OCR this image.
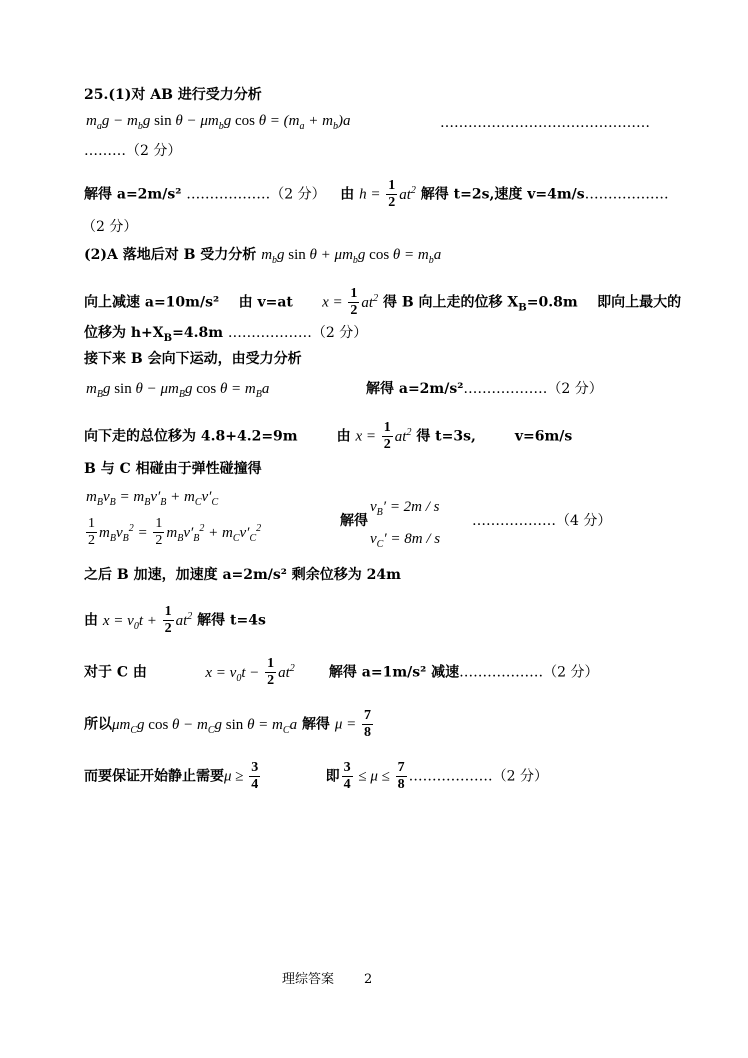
25.(1)对 AB 进行受力分析
$m_ag - m_bg$ $\sin \theta - \mu m_bg$ $\cos \theta = (m_a + m_b)a$	………………………………………
………（2 分）
解得 a=2m/s² ………………（2 分） 由 $h = \frac{1}{2} at^2$ 解得 t=2s,速度 v=4m/s………………
（2 分）
(2)A 落地后对 B 受力分析 $m_bg$ $\sin \theta + \mu m_bg$ $\cos \theta = m_ba$
向上减速 a=10m/s² 由 v=at $x = \frac{1}{2} at^2$ 得 B 向上走的位移 $X_B=0.8m$ 即向上最大的
位移为 $h+X_B=4.8m$ ………………（2 分）
接下来 B 会向下运动，由受力分析
$m_Bg$ $\sin \theta - \mu m_Bg$ $\cos \theta = m_Ba$	解得 a=2m/s²………………（2 分）
向下走的总位移为 4.8+4.2=9m	由 $x = \frac{1}{2} at^2$ 得 t=3s,	v=6m/s
B 与 C 相碰由于弹性碰撞得
$m_Bv_B = m_Bv'_B + m_Cv'_C$
$\frac{1}{2} m_Bv_B^2 = \frac{1}{2} m_Bv'_B^2 + m_Cv'_C^2$	解得
$v_B' = 2m / s$
$v_C' = 8m / s$
………………（4 分）
之后 B 加速，加速度 a=2m/s² 剩余位移为 24m
由 $x = v_0t + \frac{1}{2} at^2$ 解得 t=4s
对于 C 由	$x = v_0t - \frac{1}{2} at^2$ 解得 a=1m/s² 减速………………（2 分）
所以$\mu m_Cg$ $\cos \theta - m_Cg$ $\sin \theta = m_Ca$ 解得 $\mu = \frac{7}{8}$
而要保证开始静止需要$\mu \ge \frac{3}{4}$	即 $\frac{3}{4} \le \mu \le \frac{7}{8}$ ………………（2 分）
理综答案 2
